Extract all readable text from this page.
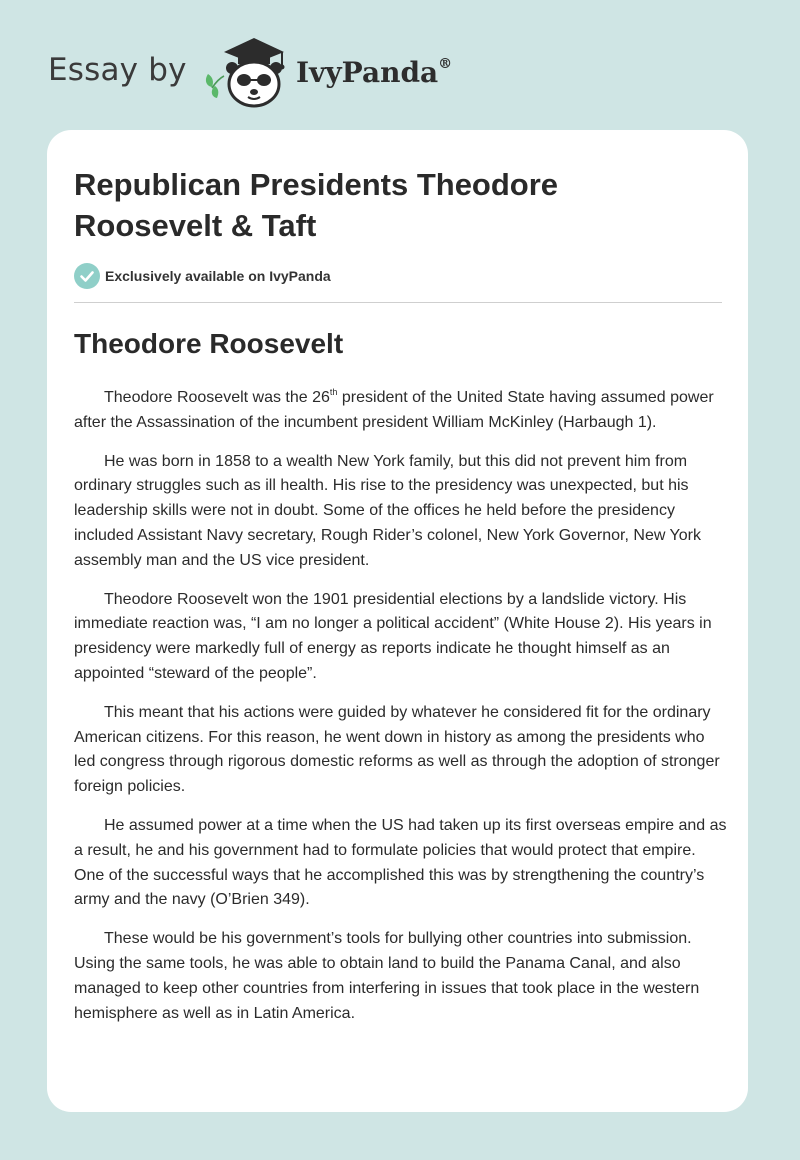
Essay by	IvyPanda®
Republican Presidents Theodore Roosevelt & Taft
Exclusively available on IvyPanda
Theodore Roosevelt

Theodore Roosevelt was the 26th president of the United State having assumed power after the Assassination of the incumbent president William McKinley (Harbaugh 1).

He was born in 1858 to a wealth New York family, but this did not prevent him from ordinary struggles such as ill health. His rise to the presidency was unexpected, but his leadership skills were not in doubt. Some of the offices he held before the presidency included Assistant Navy secretary, Rough Rider’s colonel, New York Governor, New York assembly man and the US vice president.

Theodore Roosevelt won the 1901 presidential elections by a landslide victory. His immediate reaction was, “I am no longer a political accident” (White House 2). His years in presidency were markedly full of energy as reports indicate he thought himself as an appointed “steward of the people”.

This meant that his actions were guided by whatever he considered fit for the ordinary American citizens. For this reason, he went down in history as among the presidents who led congress through rigorous domestic reforms as well as through the adoption of stronger foreign policies.

He assumed power at a time when the US had taken up its first overseas empire and as a result, he and his government had to formulate policies that would protect that empire. One of the successful ways that he accomplished this was by strengthening the country’s army and the navy (O’Brien 349).

These would be his government’s tools for bullying other countries into submission. Using the same tools, he was able to obtain land to build the Panama Canal, and also managed to keep other countries from interfering in issues that took place in the western hemisphere as well as in Latin America.
